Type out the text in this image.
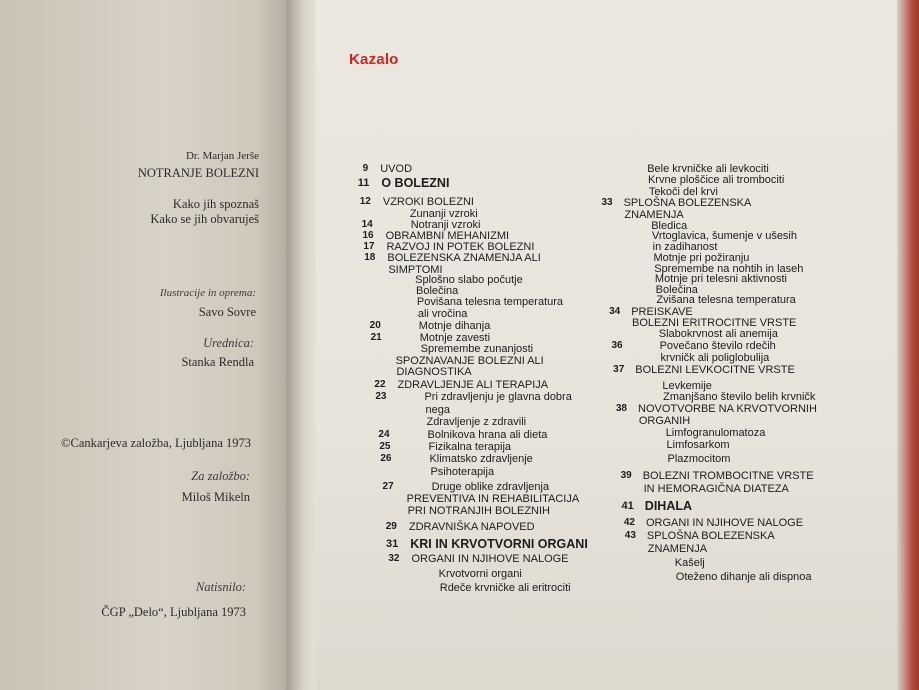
Dr. Marjan Jerše
NOTRANJE BOLEZNI
Kako jih spoznaš
Kako se jih obvaruješ
Ilustracije in oprema:
Savo Sovre
Urednica:
Stanka Rendla
©Cankarjeva založba, Ljubljana 1973
Za založbo:
Miloš Mikeln
Natisnilo:
ČGP „Delo“, Ljubljana 1973
Kazalo
9 UVOD
11 O BOLEZNI
12 VZROKI BOLEZNI
Zunanji vzroki
14	Notranji vzroki
16 OBRAMBNI MEHANIZMI
17 RAZVOJ IN POTEK BOLEZNI
18 BOLEZENSKA ZNAMENJA ALI
SIMPTOMI
Splošno slabo počutje
Bolečina
Povišana telesna temperatura
ali vročina
20	Motnje dihanja
21	Motnje zavesti
Spremembe zunanjosti
SPOZNAVANJE BOLEZNI ALI
DIAGNOSTIKA
22 ZDRAVLJENJE ALI TERAPIJA
23	Pri zdravljenju je glavna dobra
nega
Zdravljenje z zdravili
24	Bolnikova hrana ali dieta
25	Fizikalna terapija
26	Klimatsko zdravljenje
Psihoterapija
27	Druge oblike zdravljenja
PREVENTIVA IN REHABILITACIJA
PRI NOTRANJIH BOLEZNIH
29 ZDRAVNIŠKA NAPOVED
31 KRI IN KRVOTVORNI ORGANI
32 ORGANI IN NJIHOVE NALOGE
Krvotvorni organi
Rdeče krvničke ali eritrociti
Bele krvničke ali levkociti
Krvne ploščice ali trombociti
Tekoči del krvi
33 SPLOŠNA BOLEZENSKA
ZNAMENJA
Bledica
Vrtoglavica, šumenje v ušesih
in zadihanost
Motnje pri požiranju
Spremembe na nohtih in laseh
Motnje pri telesni aktivnosti
Bolečina
Zvišana telesna temperatura
34 PREISKAVE
BOLEZNI ERITROCITNE VRSTE
Slabokrvnost ali anemija
36	Povečano število rdečih
krvničk ali poliglobulija
37 BOLEZNI LEVKOCITNE VRSTE
Levkemije
Zmanjšano število belih krvničk
38 NOVOTVORBE NA KRVOTVORNIH
ORGANIH
Limfogranulomatoza
Limfosarkom
Plazmocitom
39 BOLEZNI TROMBOCITNE VRSTE
IN HEMORAGIČNA DIATEZA
41 DIHALA
42 ORGANI IN NJIHOVE NALOGE
43 SPLOŠNA BOLEZENSKA
ZNAMENJA
Kašelj
Oteženo dihanje ali dispnoa
